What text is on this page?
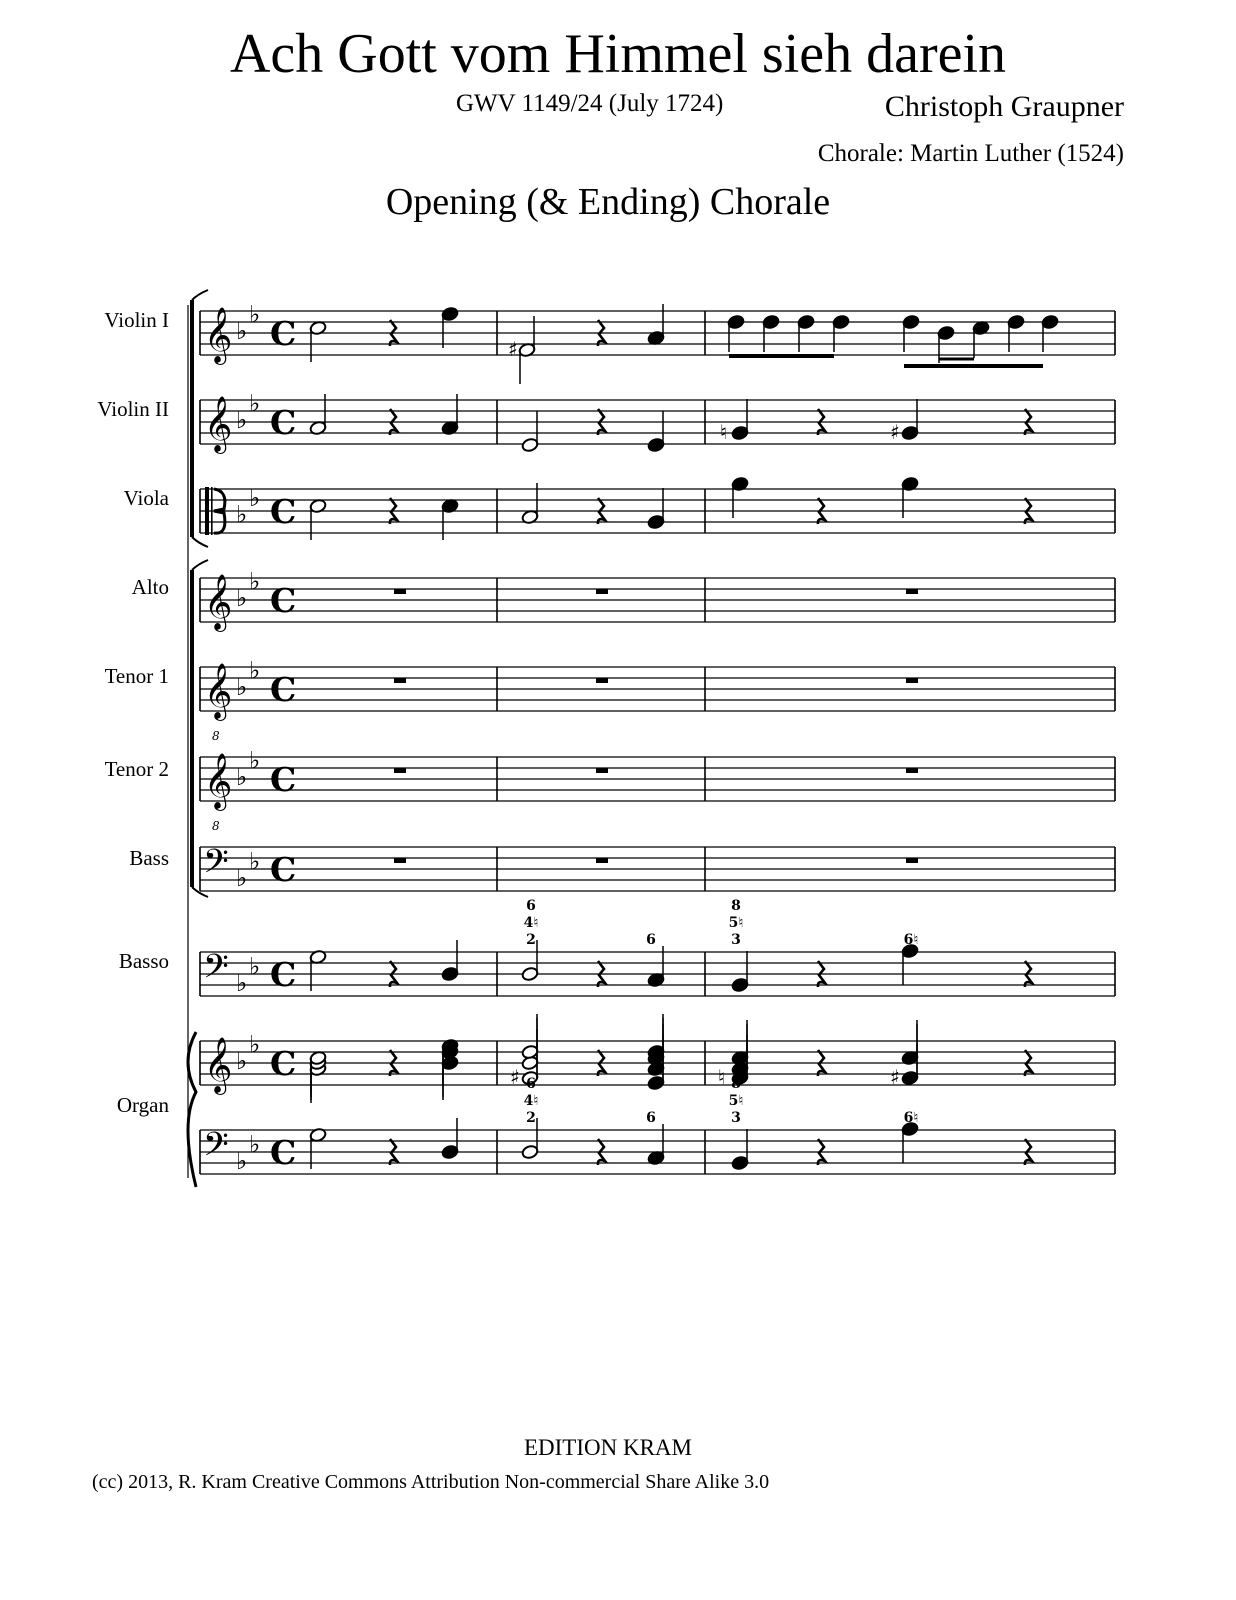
Ach Gott vom Himmel sieh darein
GWV 1149/24 (July 1724)	Christoph Graupner
Chorale: Martin Luther (1524)
Opening (& Ending) Chorale
Violin I
Violin II
Viola
Alto
Tenor 1
Tenor 2
Bass
Basso
Organ
𝄞 ♭
♭ C
𝄞 ♭
♭ C
♭
♭ C
𝄞 ♭
♭ C
𝄞
8
♭
♭ C
𝄞
8
♭
♭ C
𝄢 ♭
♭ C
𝄢 ♭
♭ C
𝄞 ♭
♭ C
𝄢 ♭
♭ C
♯
♮	♯
♯	♮	♯
6
4♮
2	6
8
5♮
3	6♮
6
4♮
2	6
8
5♮
3	6♮
EDITION KRAM
(cc) 2013, R. Kram Creative Commons Attribution Non-commercial Share Alike 3.0
